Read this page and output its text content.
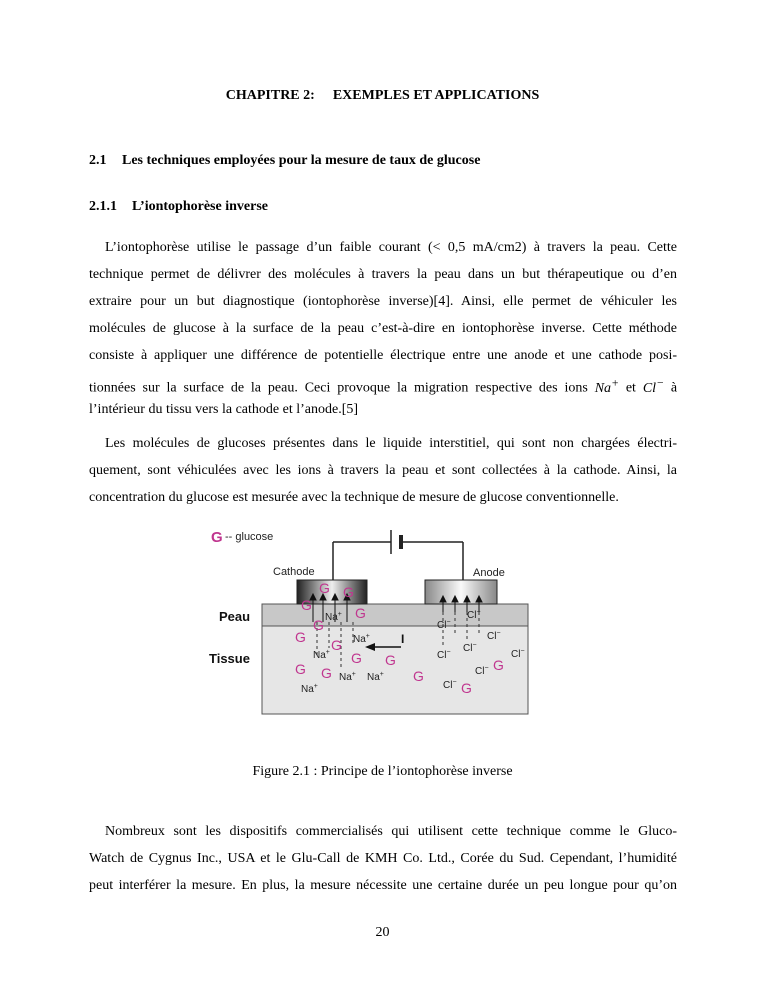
CHAPITRE 2: EXEMPLES ET APPLICATIONS
2.1 Les techniques employées pour la mesure de taux de glucose
2.1.1 L’iontophorèse inverse
L’iontophorèse utilise le passage d’un faible courant (< 0,5 mA/cm2) à travers la peau. Cette
technique permet de délivrer des molécules à travers la peau dans un but thérapeutique ou d’en
extraire pour un but diagnostique (iontophorèse inverse)[4]. Ainsi, elle permet de véhiculer les
molécules de glucose à la surface de la peau c’est-à-dire en iontophorèse inverse. Cette méthode
consiste à appliquer une différence de potentielle électrique entre une anode et une cathode posi-
tionnées sur la surface de la peau. Ceci provoque la migration respective des ions Na+ et Cl− à
l’intérieur du tissu vers la cathode et l’anode.[5]
Les molécules de glucoses présentes dans le liquide interstitiel, qui sont non chargées électri-
quement, sont véhiculées avec les ions à travers la peau et sont collectées à la cathode. Ainsi, la
concentration du glucose est mesurée avec la technique de mesure de glucose conventionnelle.
G -- glucose
Cathode	Anode
Peau
Tissue
I
G G
G	G
G
G G
G G
G G	G
G
G
Na+
Na+
Na+
Na+ Na+
Na+
Cl−
Cl−
Cl−
Cl−
Cl−	Cl−
Cl−
Cl−
Figure 2.1 : Principe de l’iontophorèse inverse
Nombreux sont les dispositifs commercialisés qui utilisent cette technique comme le Gluco-
Watch de Cygnus Inc., USA et le Glu-Call de KMH Co. Ltd., Corée du Sud. Cependant, l’humidité
peut interférer la mesure. En plus, la mesure nécessite une certaine durée un peu longue pour qu’on
20
